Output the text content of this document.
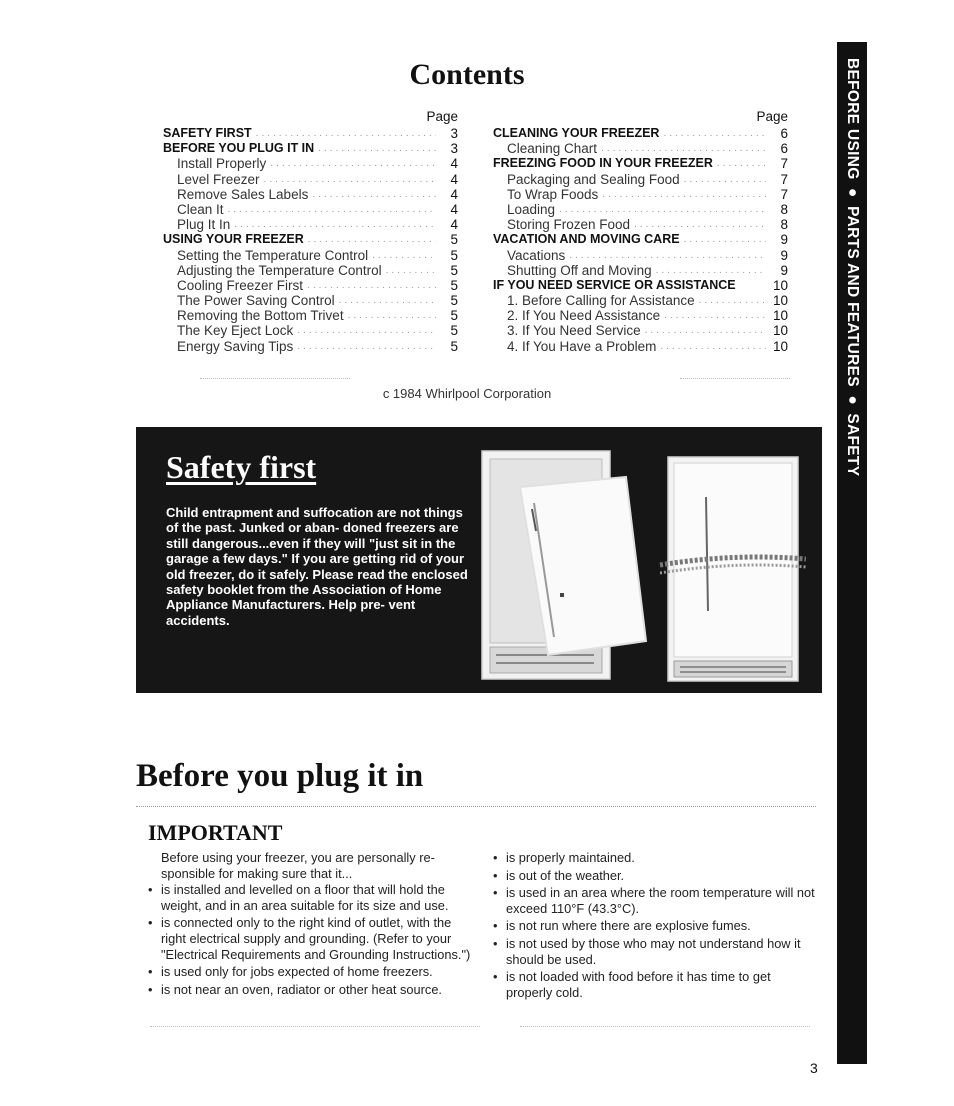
BEFORE USING ● PARTS AND FEATURES ● SAFETY
Contents
Page
SAFETY FIRST .....	3
BEFORE YOU PLUG IT IN .....	3
Install Properly .....	4
Level Freezer .....	4
Remove Sales Labels .....	4
Clean It .....	4
Plug It In .....	4
USING YOUR FREEZER .....	5
Setting the Temperature Control .....	5
Adjusting the Temperature Control .....	5
Cooling Freezer First .....	5
The Power Saving Control .....	5
Removing the Bottom Trivet .....	5
The Key Eject Lock .....	5
Energy Saving Tips .....	5
Page
CLEANING YOUR FREEZER .....	6
Cleaning Chart .....	6
FREEZING FOOD IN YOUR FREEZER .....	7
Packaging and Sealing Food .....	7
To Wrap Foods .....	7
Loading .....	8
Storing Frozen Food .....	8
VACATION AND MOVING CARE .....	9
Vacations .....	9
Shutting Off and Moving .....	9
IF YOU NEED SERVICE OR ASSISTANCE	10
1. Before Calling for Assistance .....	10
2. If You Need Assistance .....	10
3. If You Need Service .....	10
4. If You Have a Problem .....	10
c 1984 Whirlpool Corporation
Safety first

Child entrapment and suffocation are not things of the past. Junked or aban- doned freezers are still dangerous...even if they will "just sit in the garage a few days." If you are getting rid of your old freezer, do it safely. Please read the enclosed safety booklet from the Association of Home Appliance Manufacturers. Help pre- vent accidents.

Before you plug it in
IMPORTANT

Before using your freezer, you are personally re- sponsible for making sure that it...

• is installed and levelled on a floor that will hold the weight, and in an area suitable for its size and use.

• is connected only to the right kind of outlet, with the right electrical supply and grounding. (Refer to your "Electrical Requirements and Grounding Instructions.")

• is used only for jobs expected of home freezers.

• is not near an oven, radiator or other heat source.

• is properly maintained.

• is out of the weather.

• is used in an area where the room temperature will not exceed 110°F (43.3°C).

• is not run where there are explosive fumes.

• is not used by those who may not understand how it should be used.

• is not loaded with food before it has time to get properly cold.

3
